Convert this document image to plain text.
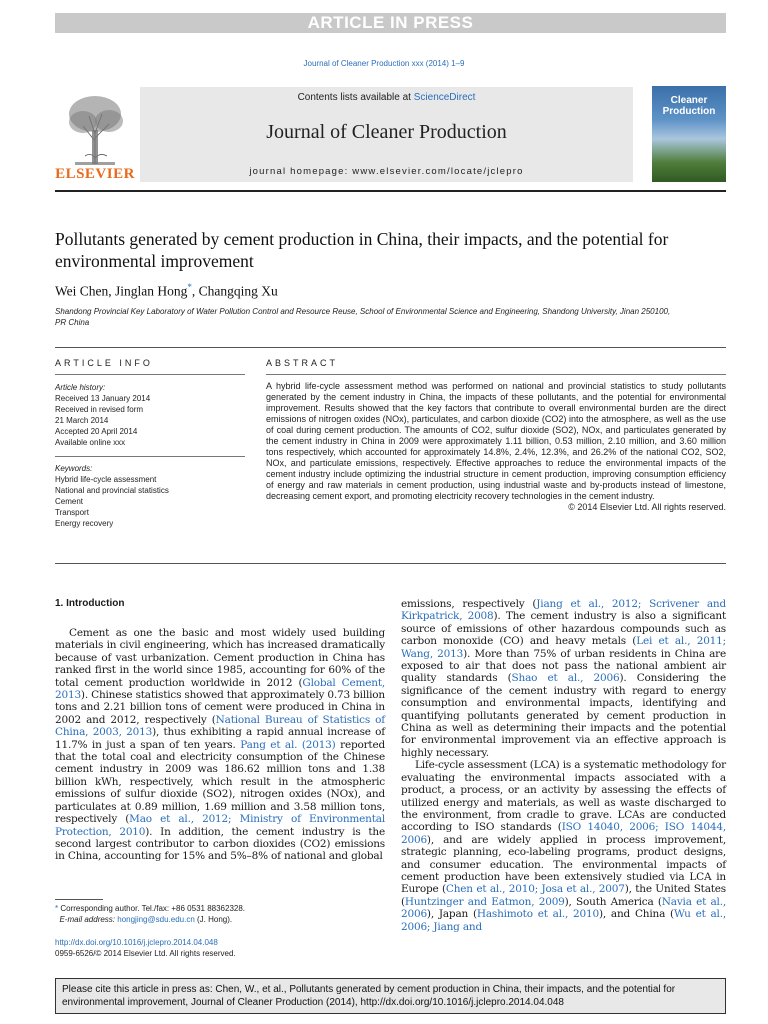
ARTICLE IN PRESS
Journal of Cleaner Production xxx (2014) 1–9
ELSEVIER
Contents lists available at ScienceDirect
Journal of Cleaner Production
journal homepage: www.elsevier.com/locate/jclepro
Cleaner Production
Pollutants generated by cement production in China, their impacts, and the potential for environmental improvement
Wei Chen, Jinglan Hong*, Changqing Xu
Shandong Provincial Key Laboratory of Water Pollution Control and Resource Reuse, School of Environmental Science and Engineering, Shandong University, Jinan 250100, PR China
ARTICLE INFO
Article history:
Received 13 January 2014
Received in revised form
21 March 2014
Accepted 20 April 2014
Available online xxx
Keywords:
Hybrid life-cycle assessment
National and provincial statistics
Cement
Transport
Energy recovery
ABSTRACT
A hybrid life-cycle assessment method was performed on national and provincial statistics to study pollutants generated by the cement industry in China, the impacts of these pollutants, and the potential for environmental improvement. Results showed that the key factors that contribute to overall environmental burden are the direct emissions of nitrogen oxides (NOx), particulates, and carbon dioxide (CO2) into the atmosphere, as well as the use of coal during cement production. The amounts of CO2, sulfur dioxide (SO2), NOx, and particulates generated by the cement industry in China in 2009 were approximately 1.11 billion, 0.53 million, 2.10 million, and 3.60 million tons respectively, which accounted for approximately 14.8%, 2.4%, 12.3%, and 26.2% of the national CO2, SO2, NOx, and particulate emissions, respectively. Effective approaches to reduce the environmental impacts of the cement industry include optimizing the industrial structure in cement production, improving consumption efficiency of energy and raw materials in cement production, using industrial waste and by-products instead of limestone, decreasing cement export, and promoting electricity recovery technologies in the cement industry.
© 2014 Elsevier Ltd. All rights reserved.
1. Introduction

Cement as one the basic and most widely used building materials in civil engineering, which has increased dramatically because of vast urbanization. Cement production in China has ranked first in the world since 1985, accounting for 60% of the total cement production worldwide in 2012 (Global Cement, 2013). Chinese statistics showed that approximately 0.73 billion tons and 2.21 billion tons of cement were produced in China in 2002 and 2012, respectively (National Bureau of Statistics of China, 2003, 2013), thus exhibiting a rapid annual increase of 11.7% in just a span of ten years. Pang et al. (2013) reported that the total coal and electricity consumption of the Chinese cement industry in 2009 was 186.62 million tons and 1.38 billion kWh, respectively, which result in the atmospheric emissions of sulfur dioxide (SO2), nitrogen oxides (NOx), and particulates at 0.89 million, 1.69 million and 3.58 million tons, respectively (Mao et al., 2012; Ministry of Environmental Protection, 2010). In addition, the cement industry is the second largest contributor to carbon dioxides (CO2) emissions in China, accounting for 15% and 5%–8% of national and global

emissions, respectively (Jiang et al., 2012; Scrivener and Kirkpatrick, 2008). The cement industry is also a significant source of emissions of other hazardous compounds such as carbon monoxide (CO) and heavy metals (Lei et al., 2011; Wang, 2013). More than 75% of urban residents in China are exposed to air that does not pass the national ambient air quality standards (Shao et al., 2006). Considering the significance of the cement industry with regard to energy consumption and environmental impacts, identifying and quantifying pollutants generated by cement production in China as well as determining their impacts and the potential for environmental improvement via an effective approach is highly necessary.

Life-cycle assessment (LCA) is a systematic methodology for evaluating the environmental impacts associated with a product, a process, or an activity by assessing the effects of utilized energy and materials, as well as waste discharged to the environment, from cradle to grave. LCAs are conducted according to ISO standards (ISO 14040, 2006; ISO 14044, 2006), and are widely applied in process improvement, strategic planning, eco-labeling programs, product designs, and consumer education. The environmental impacts of cement production have been extensively studied via LCA in Europe (Chen et al., 2010; Josa et al., 2007), the United States (Huntzinger and Eatmon, 2009), South America (Navia et al., 2006), Japan (Hashimoto et al., 2010), and China (Wu et al., 2006; Jiang and

* Corresponding author. Tel./fax: +86 0531 88362328.
E-mail address: hongjing@sdu.edu.cn (J. Hong).
http://dx.doi.org/10.1016/j.jclepro.2014.04.048
0959-6526/© 2014 Elsevier Ltd. All rights reserved.
Please cite this article in press as: Chen, W., et al., Pollutants generated by cement production in China, their impacts, and the potential for environmental improvement, Journal of Cleaner Production (2014), http://dx.doi.org/10.1016/j.jclepro.2014.04.048
